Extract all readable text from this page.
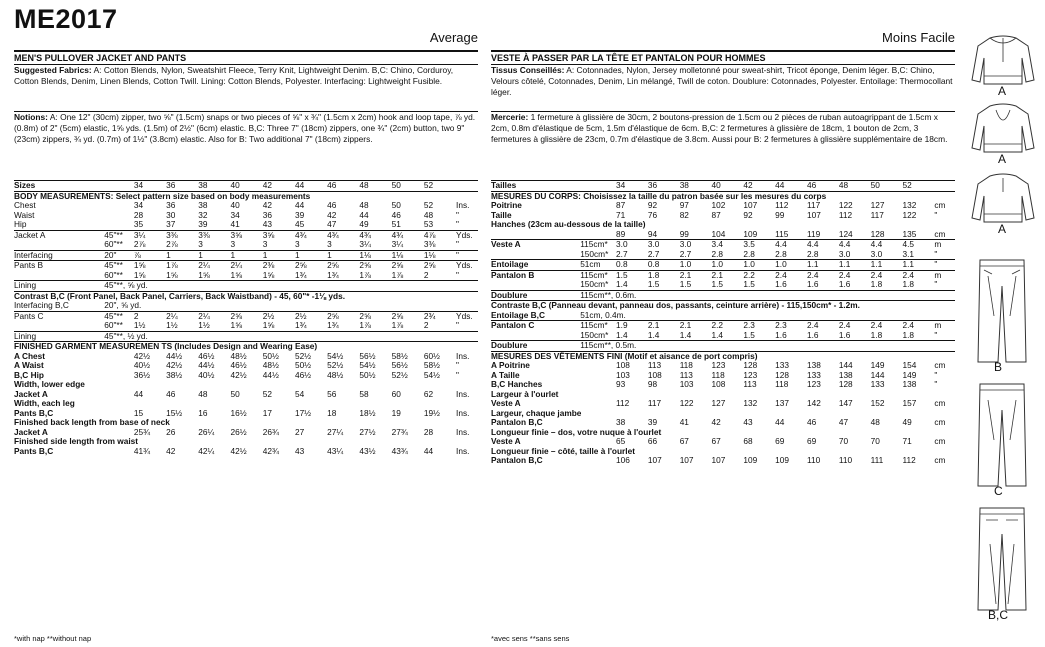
ME2017
Average
MEN'S PULLOVER JACKET AND PANTS
Suggested Fabrics: A: Cotton Blends, Nylon, Sweatshirt Fleece, Terry Knit, Lightweight Denim. B,C: Chino, Corduroy, Cotton Blends, Denim, Linen Blends, Cotton Twill. Lining: Cotton Blends, Polyester. Interfacing: Lightweight Fusible.
Notions: A: One 12" (30cm) zipper, two ⅝" (1.5cm) snaps or two pieces of ⅝" x ¾" (1.5cm x 2cm) hook and loop tape, ⅞ yd. (0.8m) of 2" (5cm) elastic, 1⅝ yds. (1.5m) of 2½" (6cm) elastic. B,C: Three 7" (18cm) zippers, one ¾" (2cm) button, two 9" (23cm) zippers, ¾ yd. (0.7m) of 1½" (3.8cm) elastic. Also for B: Two additional 7" (18cm) zippers.
Sizes		34	36	38	40	42	44	46	48	50	52	
BODY MEASUREMENTS: Select pattern size based on body measurements												
Chest		34	36	38	40	42	44	46	48	50	52	Ins.
Waist		28	30	32	34	36	39	42	44	46	48	"
Hip		35	37	39	41	43	45	47	49	51	53	"

Jacket A	45"**	3¼	3⅜	3⅜	3⅝	3⅝	4¾	4¾	4¾	4¾	4⅞	Yds.
	60"**	2⅞	2⅞	3	3	3	3	3	3¼	3¼	3⅜	"
Interfacing	20"	⅞	1	1	1	1	1	1	1⅛	1⅛	1⅛	"
Pants B	45"**	1⅝	1⅞	2¼	2¼	2⅜	2⅝	2⅝	2⅝	2⅝	2⅝	Yds.
	60"**	1⅝	1⅝	1⅝	1⅝	1⅝	1¾	1¾	1⅞	1⅞	2	"
Lining	45"**, ⅝ yd.											
Contrast B,C (Front Panel, Back Panel, Carriers, Back Waistband) - 45, 60"* -1⅛ yds.												
Interfacing B,C	20", ⅝ yd.											
Pants C	45"**	2	2¼	2¼	2⅝	2½	2½	2⅝	2⅝	2⅝	2¾	Yds.
	60"**	1½	1½	1½	1⅝	1⅝	1¾	1¾	1⅞	1⅞	2	"
Lining	45"**, ½ yd.											
FINISHED GARMENT MEASUREMEN TS (Includes Design and Wearing Ease)												
A Chest		42½	44½	46½	48½	50½	52½	54½	56½	58½	60½	Ins.
A Waist		40½	42½	44½	46½	48½	50½	52½	54½	56½	58½	"
B,C Hip		36½	38½	40½	42½	44½	46½	48½	50½	52½	54½	"
Width, lower edge												
Jacket A		44	46	48	50	52	54	56	58	60	62	Ins.
Width, each leg												
Pants B,C		15	15½	16	16½	17	17½	18	18½	19	19½	Ins.
Finished back length from base of neck												
Jacket A		25¾	26	26¼	26½	26¾	27	27¼	27½	27¾	28	Ins.
Finished side length from waist												
Pants B,C		41¾	42	42¼	42½	42¾	43	43¼	43½	43¾	44	Ins.
*with nap **without nap
Moins Facile
VESTE À PASSER PAR LA TÊTE ET PANTALON POUR HOMMES
Tissus Conseillés: A: Cotonnades, Nylon, Jersey molletonné pour sweat-shirt, Tricot éponge, Denim léger. B,C: Chino, Velours côtelé, Cotonnades, Denim, Lin mélangé, Twill de coton. Doublure: Cotonnades, Polyester. Entoilage: Thermocollant léger.
Mercerie: 1 fermeture à glissière de 30cm, 2 boutons-pression de 1.5cm ou 2 pièces de ruban autoagrippant de 1.5cm x 2cm, 0.8m d'élastique de 5cm, 1.5m d'élastique de 6cm. B,C: 2 fermetures à glissière de 18cm, 1 bouton de 2cm, 3 fermetures à glissière de 23cm, 0.7m d'élastique de 3.8cm. Aussi pour B: 2 fermetures à glissière supplémentaire de 18cm.
Tailles		34	36	38	40	42	44	46	48	50	52	
MESURES DU CORPS: Choisissez la taille du patron basée sur les mesures du corps												
Poitrine		87	92	97	102	107	112	117	122	127	132	cm
Taille		71	76	82	87	92	99	107	112	117	122	"
Hanches (23cm au-dessous de la taille)												
		89	94	99	104	109	115	119	124	128	135	cm
Veste A	115cm*	3.0	3.0	3.0	3.4	3.5	4.4	4.4	4.4	4.4	4.5	m
	150cm*	2.7	2.7	2.7	2.8	2.8	2.8	2.8	3.0	3.0	3.1	"
Entoilage	51cm	0.8	0.8	1.0	1.0	1.0	1.0	1.1	1.1	1.1	1.1	"
Pantalon B	115cm*	1.5	1.8	2.1	2.1	2.2	2.4	2.4	2.4	2.4	2.4	m
	150cm*	1.4	1.5	1.5	1.5	1.5	1.6	1.6	1.6	1.8	1.8	"
Doublure	115cm**, 0.6m.											
Contraste B,C (Panneau devant, panneau dos, passants, ceinture arrière) - 115,150cm* - 1.2m.												
Entoilage B,C	51cm, 0.4m.											
Pantalon C	115cm*	1.9	2.1	2.1	2.2	2.3	2.3	2.4	2.4	2.4	2.4	m
	150cm*	1.4	1.4	1.4	1.4	1.5	1.6	1.6	1.6	1.8	1.8	"
Doublure	115cm**, 0.5m.											
MESURES DES VÊTEMENTS FINI (Motif et aisance de port compris)												
A Poitrine		108	113	118	123	128	133	138	144	149	154	cm
A Taille		103	108	113	118	123	128	133	138	144	149	"
B,C Hanches		93	98	103	108	113	118	123	128	133	138	"
Largeur à l'ourlet												
Veste A		112	117	122	127	132	137	142	147	152	157	cm
Largeur, chaque jambe												
Pantalon B,C		38	39	41	42	43	44	46	47	48	49	cm
Longueur finie – dos, votre nuque à l'ourlet												
Veste A		65	66	67	67	68	69	69	70	70	71	cm
Longueur finie – côté, taille à l'ourlet												
Pantalon B,C		106	107	107	107	109	109	110	110	111	112	cm
*avec sens **sans sens
A
A
A
B
C
B,C
